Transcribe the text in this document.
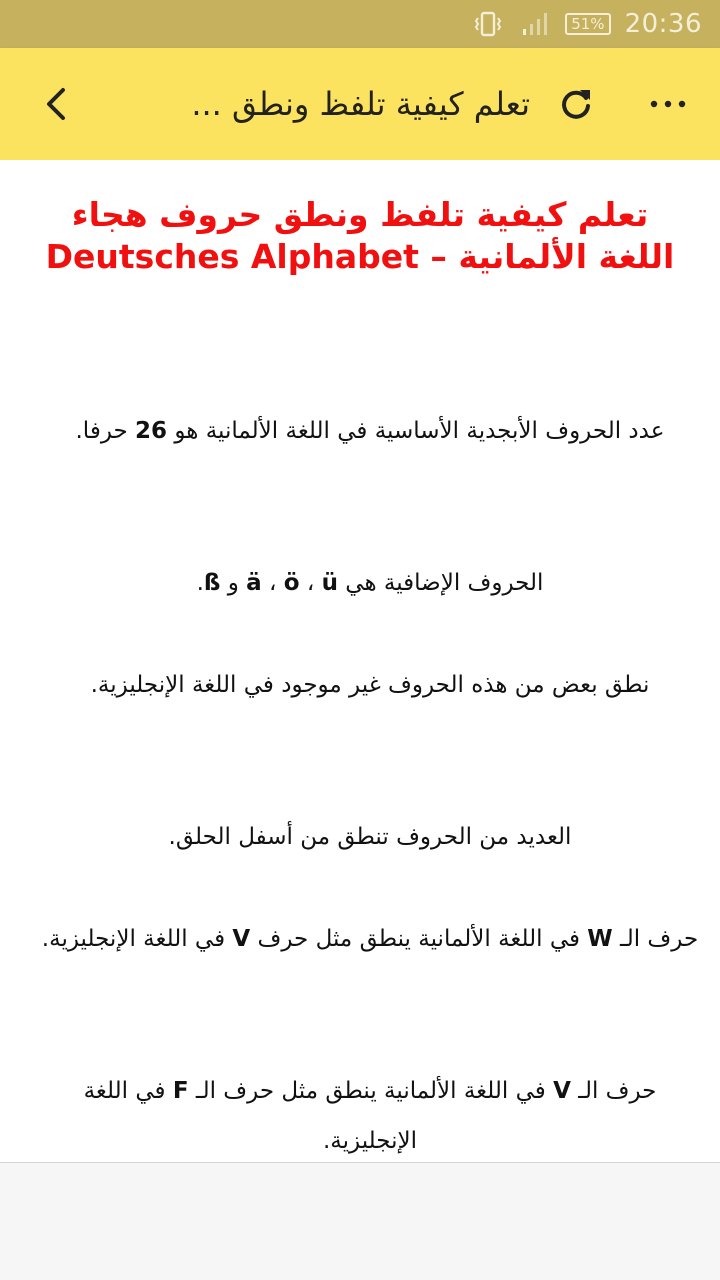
51% 20:36
تعلم كيفية تلفظ ونطق ...
تعلم كيفية تلفظ ونطق حروف هجاء اللغة الألمانية – Deutsches Alphabet

عدد الحروف الأبجدية الأساسية في اللغة الألمانية هو 26 حرفا.

الحروف الإضافية هي ü ، ö ، ä و ß.

نطق بعض من هذه الحروف غير موجود في اللغة الإنجليزية.

العديد من الحروف تنطق من أسفل الحلق.

حرف الـ W في اللغة الألمانية ينطق مثل حرف V في اللغة الإنجليزية.

حرف الـ V في اللغة الألمانية ينطق مثل حرف الـ F في اللغة الإنجليزية.
